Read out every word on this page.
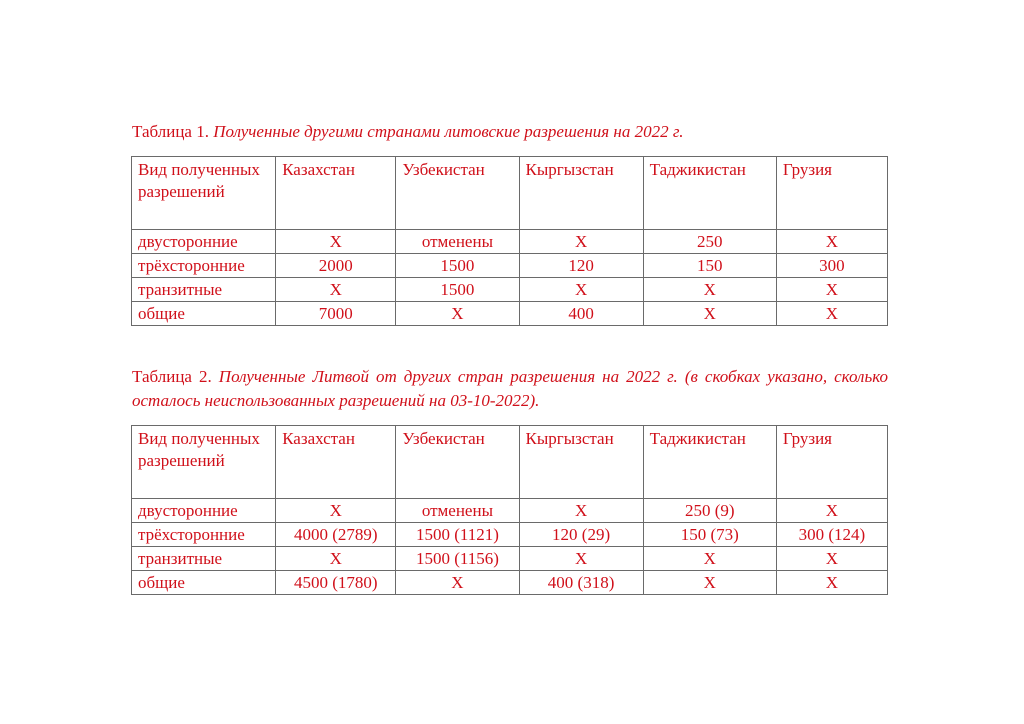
Таблица 1. Полученные другими странами литовские разрешения на 2022 г.

Вид полученных разрешений	Казахстан	Узбекистан	Кыргызстан	Таджикистан	Грузия
двусторонние	X	отменены	X	250	X
трёхсторонние	2000	1500	120	150	300
транзитные	X	1500	X	X	X
общие	7000	X	400	X	X

Таблица 2. Полученные Литвой от других стран разрешения на 2022 г. (в скобках указано, сколько осталось неиспользованных разрешений на 03-10-2022).

Вид полученных разрешений	Казахстан	Узбекистан	Кыргызстан	Таджикистан	Грузия
двусторонние	X	отменены	X	250 (9)	X
трёхсторонние	4000 (2789)	1500 (1121)	120 (29)	150 (73)	300 (124)
транзитные	X	1500 (1156)	X	X	X
общие	4500 (1780)	X	400 (318)	X	X
